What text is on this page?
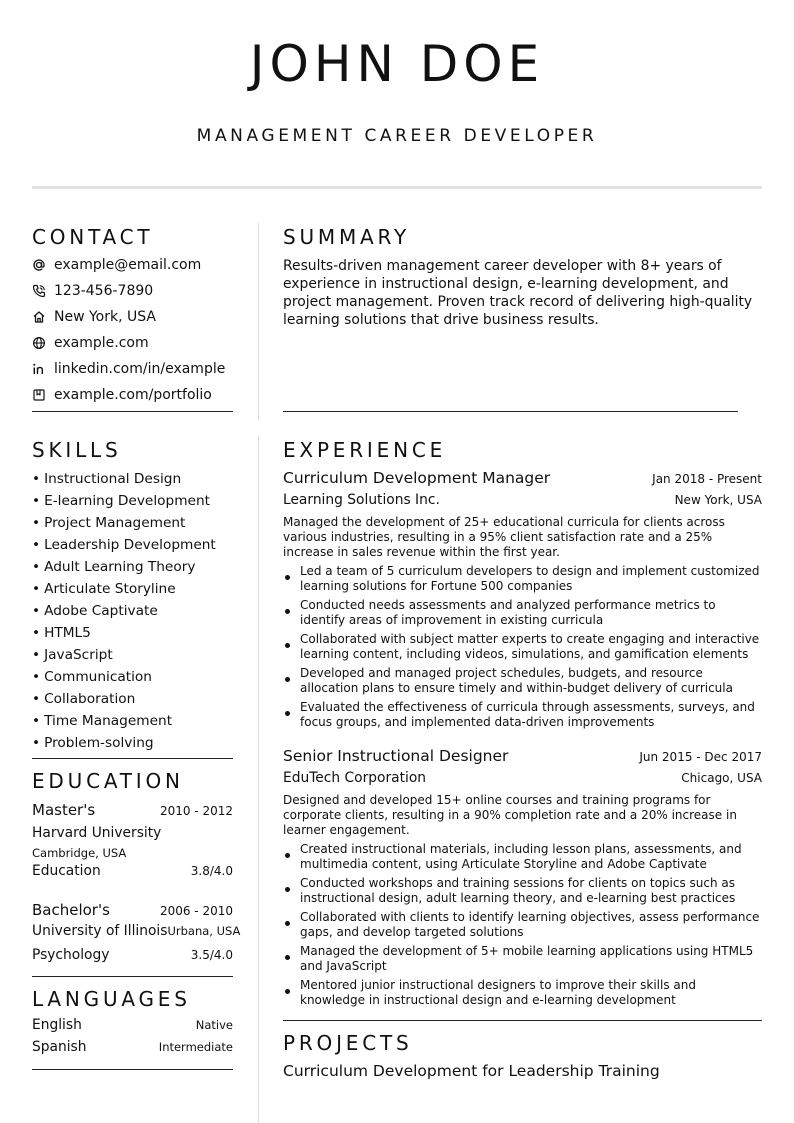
JOHN DOE
MANAGEMENT CAREER DEVELOPER
CONTACT
example@email.com
123-456-7890
New York, USA
example.com
linkedin.com/in/example
example.com/portfolio
SKILLS
• Instructional Design
• E-learning Development
• Project Management
• Leadership Development
• Adult Learning Theory
• Articulate Storyline
• Adobe Captivate
• HTML5
• JavaScript
• Communication
• Collaboration
• Time Management
• Problem-solving
EDUCATION
Master's	2010 - 2012
Harvard University
Cambridge, USA
Education	3.8/4.0
Bachelor's	2006 - 2010
University of Illinois Urbana, USA
Psychology	3.5/4.0
LANGUAGES
English	Native
Spanish	Intermediate
SUMMARY

Results-driven management career developer with 8+ years of experience in instructional design, e-learning development, and project management. Proven track record of delivering high-quality learning solutions that drive business results.

EXPERIENCE
Curriculum Development Manager	Jan 2018 - Present
Learning Solutions Inc.	New York, USA

Managed the development of 25+ educational curricula for clients across various industries, resulting in a 95% client satisfaction rate and a 25% increase in sales revenue within the first year.

Led a team of 5 curriculum developers to design and implement customized learning solutions for Fortune 500 companies
Conducted needs assessments and analyzed performance metrics to identify areas of improvement in existing curricula
Collaborated with subject matter experts to create engaging and interactive learning content, including videos, simulations, and gamification elements
Developed and managed project schedules, budgets, and resource allocation plans to ensure timely and within-budget delivery of curricula
Evaluated the effectiveness of curricula through assessments, surveys, and focus groups, and implemented data-driven improvements
Senior Instructional Designer	Jun 2015 - Dec 2017
EduTech Corporation	Chicago, USA

Designed and developed 15+ online courses and training programs for corporate clients, resulting in a 90% completion rate and a 20% increase in learner engagement.

Created instructional materials, including lesson plans, assessments, and multimedia content, using Articulate Storyline and Adobe Captivate
Conducted workshops and training sessions for clients on topics such as instructional design, adult learning theory, and e-learning best practices
Collaborated with clients to identify learning objectives, assess performance gaps, and develop targeted solutions
Managed the development of 5+ mobile learning applications using HTML5 and JavaScript
Mentored junior instructional designers to improve their skills and knowledge in instructional design and e-learning development
PROJECTS
Curriculum Development for Leadership Training
